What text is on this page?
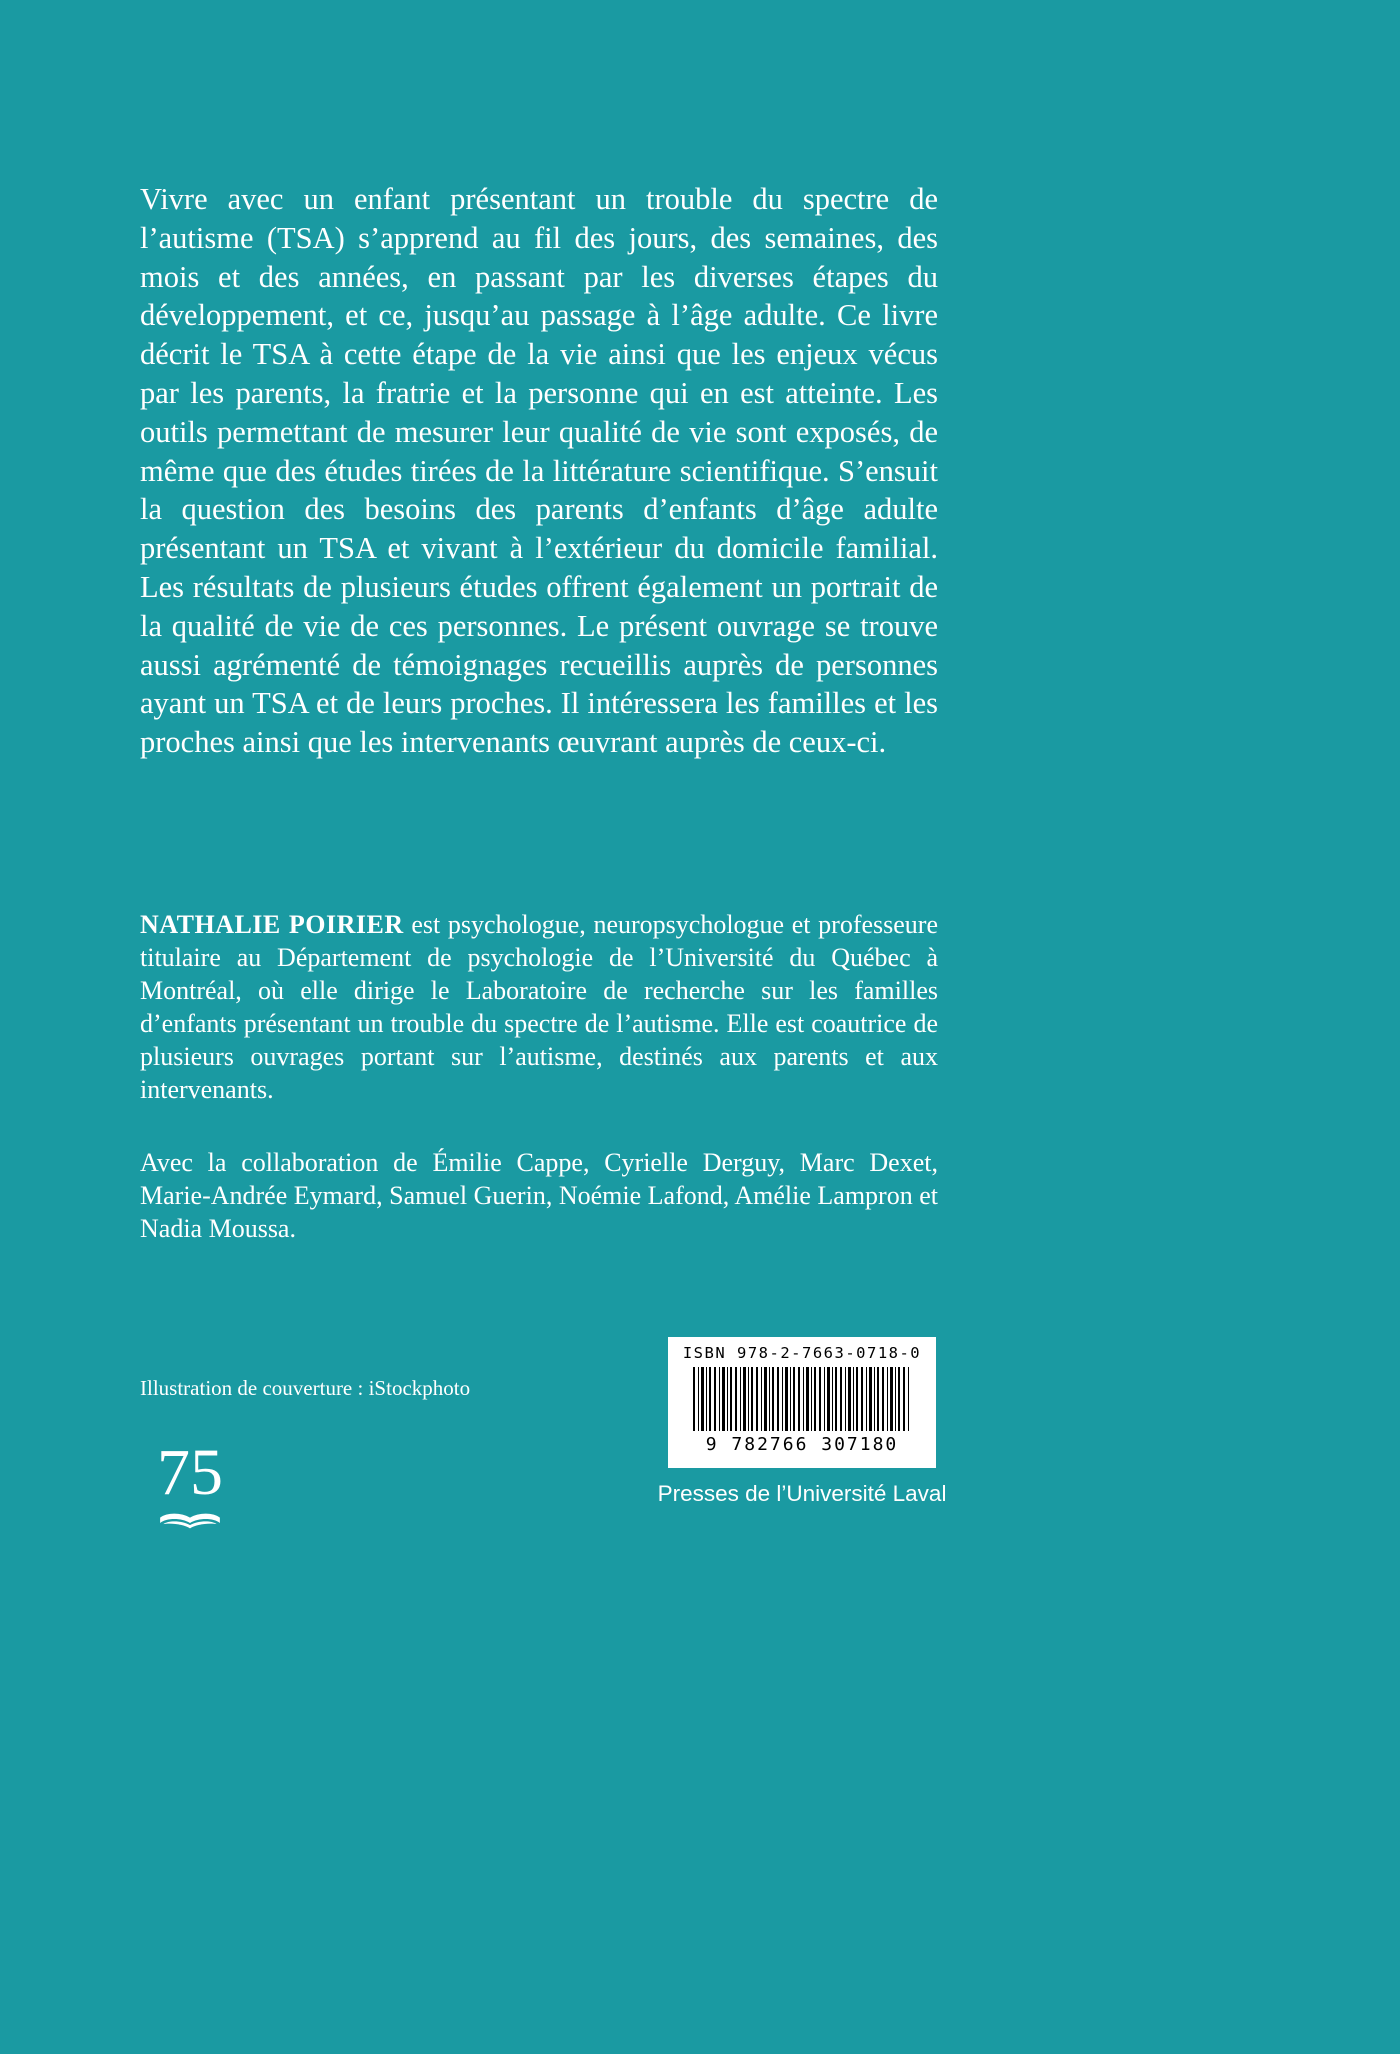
Vivre avec un enfant présentant un trouble du spectre de l’autisme (TSA) s’apprend au fil des jours, des semaines, des mois et des années, en passant par les diverses étapes du développement, et ce, jusqu’au passage à l’âge adulte. Ce livre décrit le TSA à cette étape de la vie ainsi que les enjeux vécus par les parents, la fratrie et la personne qui en est atteinte. Les outils permettant de mesurer leur qualité de vie sont exposés, de même que des études tirées de la littérature scientifique. S’ensuit la question des besoins des parents d’enfants d’âge adulte présentant un TSA et vivant à l’extérieur du domicile familial. Les résultats de plusieurs études offrent également un portrait de la qualité de vie de ces personnes. Le présent ouvrage se trouve aussi agrémenté de témoignages recueillis auprès de personnes ayant un TSA et de leurs proches. Il intéressera les familles et les proches ainsi que les intervenants œuvrant auprès de ceux-ci.

NATHALIE POIRIER est psychologue, neuropsychologue et professeure titulaire au Département de psychologie de l’Université du Québec à Montréal, où elle dirige le Laboratoire de recherche sur les familles d’enfants présentant un trouble du spectre de l’autisme. Elle est coautrice de plusieurs ouvrages portant sur l’autisme, destinés aux parents et aux intervenants.

Avec la collaboration de Émilie Cappe, Cyrielle Derguy, Marc Dexet, Marie-Andrée Eymard, Samuel Guerin, Noémie Lafond, Amélie Lampron et Nadia Moussa.

Illustration de couverture : iStockphoto
75
ISBN 978-2-7663-0718-0
9 782766 307180
Presses de l’Université Laval
